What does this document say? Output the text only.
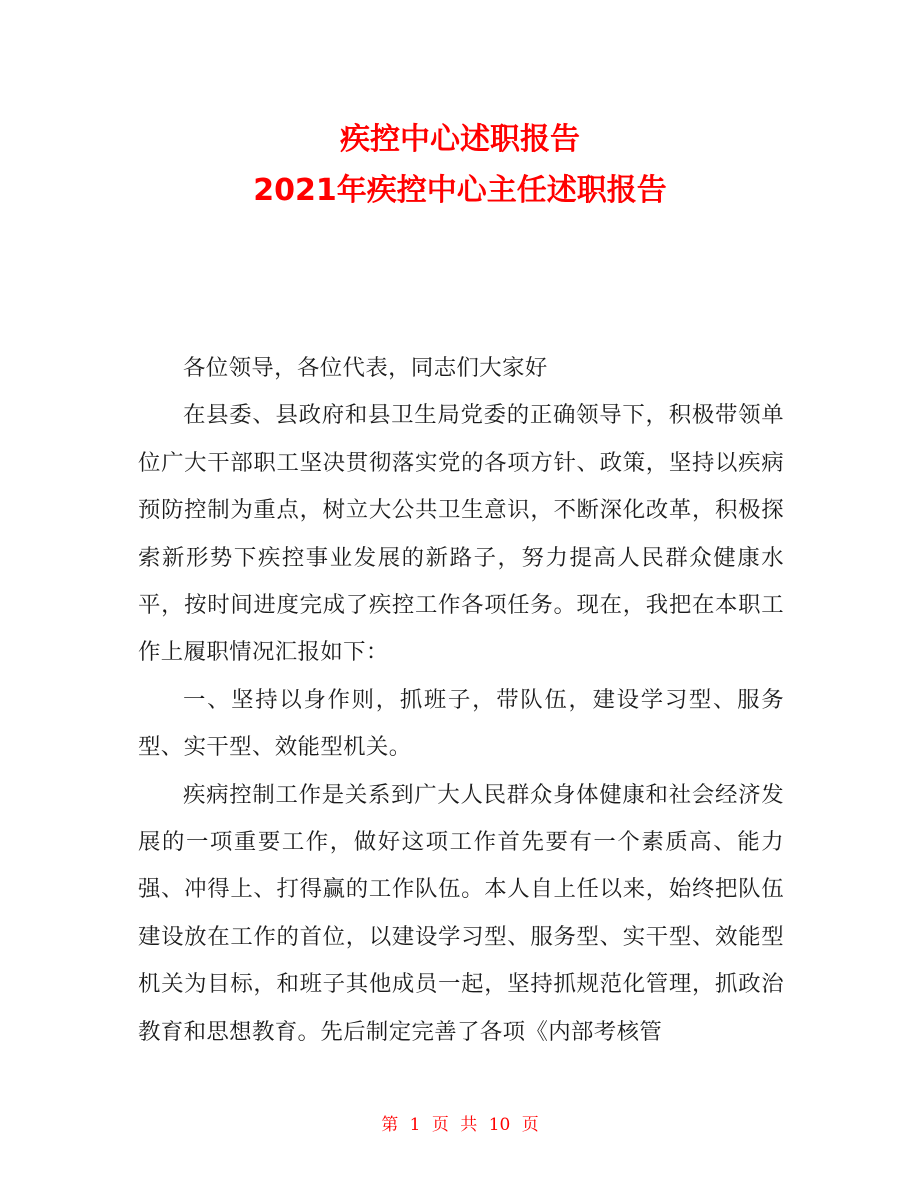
疾控中心述职报告
2021年疾控中心主任述职报告

各位领导，各位代表，同志们大家好

在县委、县政府和县卫生局党委的正确领导下，积极带领单位广大干部职工坚决贯彻落实党的各项方针、政策，坚持以疾病预防控制为重点，树立大公共卫生意识，不断深化改革，积极探索新形势下疾控事业发展的新路子，努力提高人民群众健康水平，按时间进度完成了疾控工作各项任务。现在，我把在本职工作上履职情况汇报如下：

一、坚持以身作则，抓班子，带队伍，建设学习型、服务型、实干型、效能型机关。

疾病控制工作是关系到广大人民群众身体健康和社会经济发展的一项重要工作，做好这项工作首先要有一个素质高、能力强、冲得上、打得赢的工作队伍。本人自上任以来，始终把队伍建设放在工作的首位，以建设学习型、服务型、实干型、效能型机关为目标，和班子其他成员一起，坚持抓规范化管理，抓政治教育和思想教育。先后制定完善了各项《内部考核管

第 1 页 共 10 页
